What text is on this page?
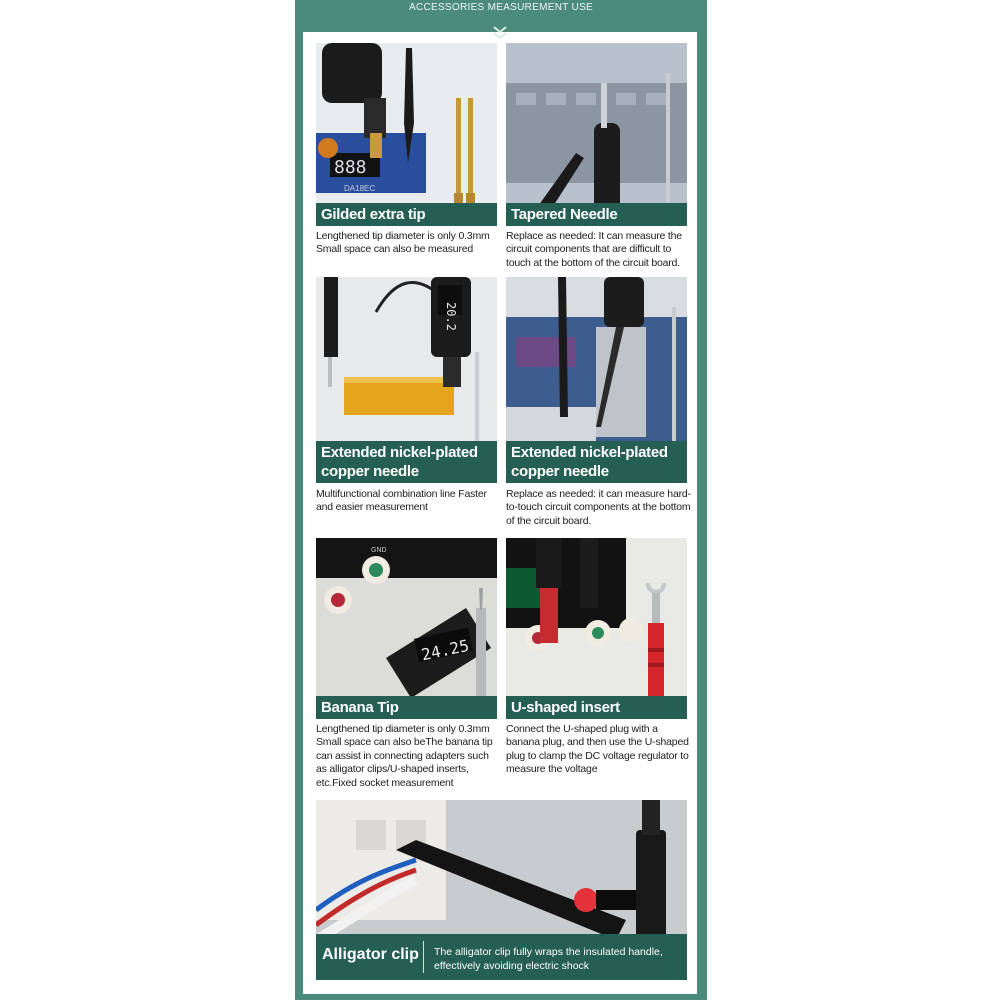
ACCESSORIES MEASUREMENT USE
888
DA18EC
Gilded extra tip
Lengthened tip diameter is only 0.3mm Small space can also be measured
Tapered Needle
Replace as needed: It can measure the circuit components that are difficult to touch at the bottom of the circuit board.
20.2
Extended nickel-plated copper needle
Multifunctional combination line Faster and easier measurement
Extended nickel-plated copper needle
Replace as needed: it can measure hard-to-touch circuit components at the bottom of the circuit board.
GND
24.25
Banana Tip
Lengthened tip diameter is only 0.3mm Small space can also beThe banana tip can assist in connecting adapters such as alligator clips/U-shaped inserts, etc.Fixed socket measurement
U-shaped insert
Connect the U-shaped plug with a banana plug, and then use the U-shaped plug to clamp the DC voltage regulator to measure the voltage
Alligator clip The alligator clip fully wraps the insulated handle, effectively avoiding electric shock
